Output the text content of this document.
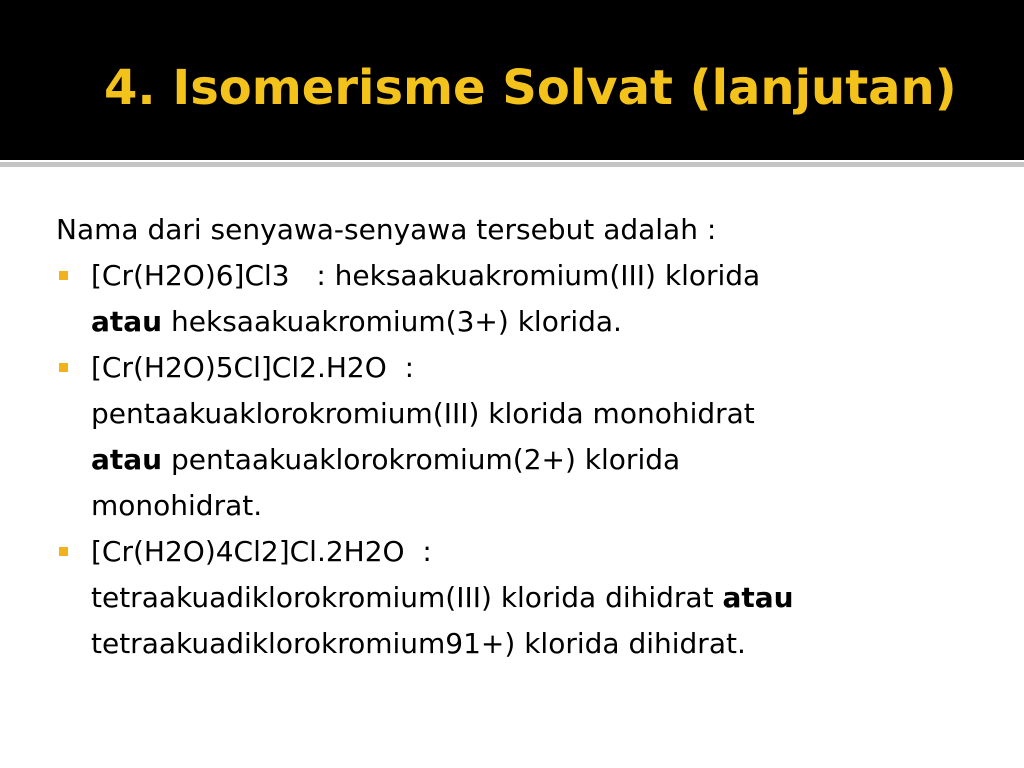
4. Isomerisme Solvat (lanjutan)

Nama dari senyawa-senyawa tersebut adalah :

[Cr(H2O)6]Cl3   : heksaakuakromium(III) klorida
atau heksaakuakromium(3+) klorida.
[Cr(H2O)5Cl]Cl2.H2O  :
pentaakuaklorokromium(III) klorida monohidrat
atau pentaakuaklorokromium(2+) klorida
monohidrat.
[Cr(H2O)4Cl2]Cl.2H2O  :
tetraakuadiklorokromium(III) klorida dihidrat atau
tetraakuadiklorokromium91+) klorida dihidrat.
